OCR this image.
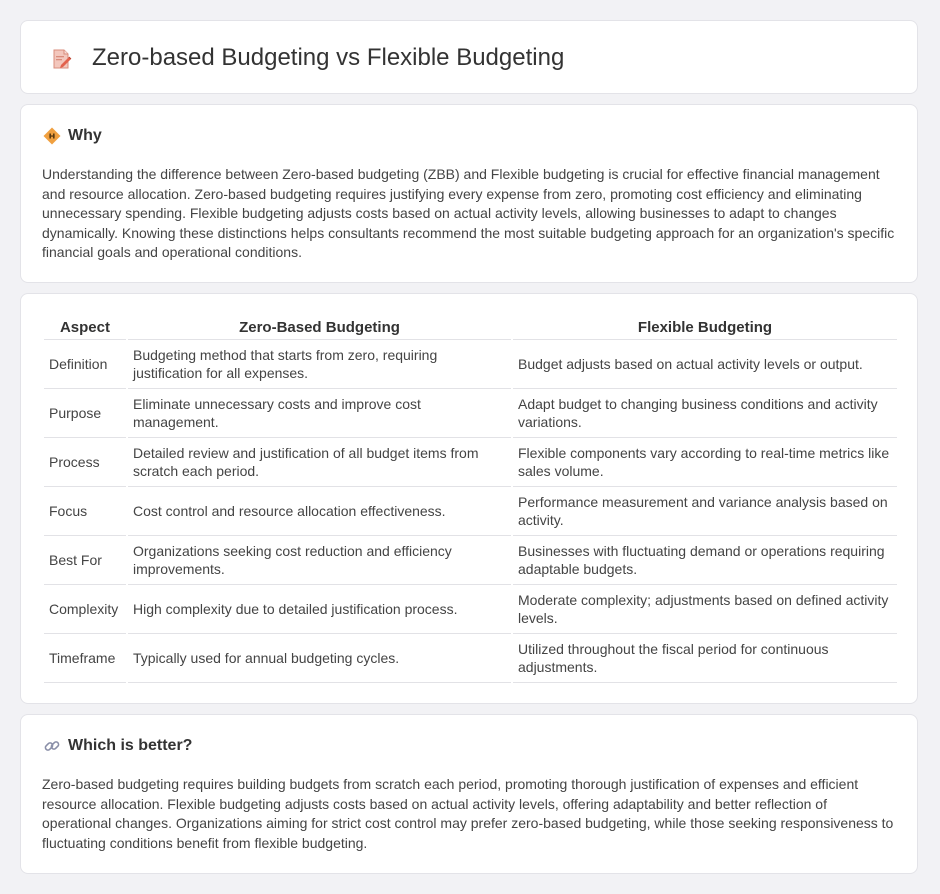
Zero-based Budgeting vs Flexible Budgeting
Why

Understanding the difference between Zero-based budgeting (ZBB) and Flexible budgeting is crucial for effective financial management and resource allocation. Zero-based budgeting requires justifying every expense from zero, promoting cost efficiency and eliminating unnecessary spending. Flexible budgeting adjusts costs based on actual activity levels, allowing businesses to adapt to changes dynamically. Knowing these distinctions helps consultants recommend the most suitable budgeting approach for an organization's specific financial goals and operational conditions.

Aspect	Zero-Based Budgeting	Flexible Budgeting
Definition	Budgeting method that starts from zero, requiring justification for all expenses.	Budget adjusts based on actual activity levels or output.
Purpose	Eliminate unnecessary costs and improve cost management.	Adapt budget to changing business conditions and activity variations.
Process	Detailed review and justification of all budget items from scratch each period.	Flexible components vary according to real-time metrics like sales volume.
Focus	Cost control and resource allocation effectiveness.	Performance measurement and variance analysis based on activity.
Best For	Organizations seeking cost reduction and efficiency improvements.	Businesses with fluctuating demand or operations requiring adaptable budgets.
Complexity	High complexity due to detailed justification process.	Moderate complexity; adjustments based on defined activity levels.
Timeframe	Typically used for annual budgeting cycles.	Utilized throughout the fiscal period for continuous adjustments.
Which is better?

Zero-based budgeting requires building budgets from scratch each period, promoting thorough justification of expenses and efficient resource allocation. Flexible budgeting adjusts costs based on actual activity levels, offering adaptability and better reflection of operational changes. Organizations aiming for strict cost control may prefer zero-based budgeting, while those seeking responsiveness to fluctuating conditions benefit from flexible budgeting.
